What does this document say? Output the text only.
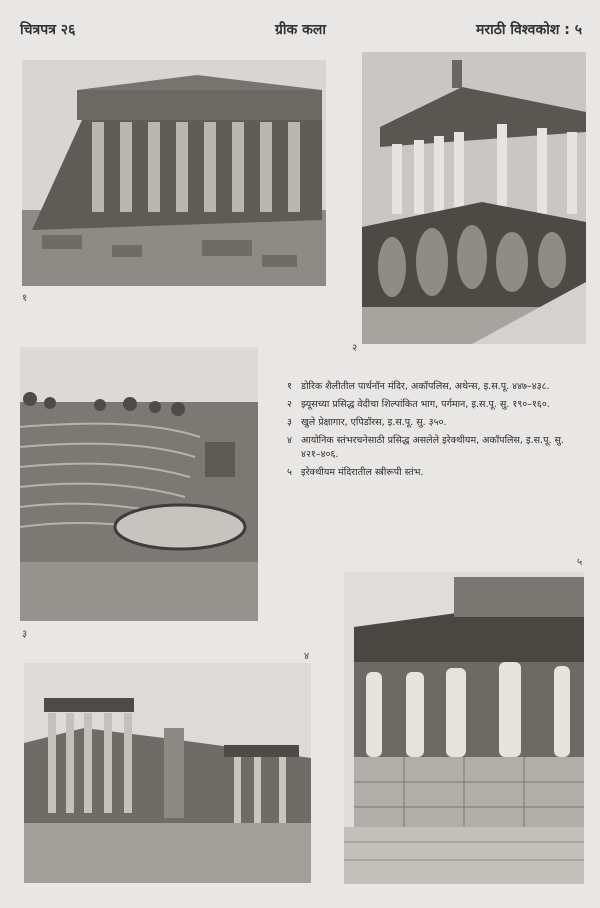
चित्रपत्र २६	ग्रीक कला	मराठी विश्वकोश : ५
१
२
३
४
१ डोरिक शैलीतील पार्थनॉन मंदिर, अकॉपलिस, अथेन्स, इ.स.पू. ४४७–४३८.
२ झ्यूसच्या प्रसिद्ध वेदीचा शिल्पांकित भाग, पर्गमान, इ.स.पू. सु. १९०–१६०.
३ खुले प्रेक्षागार, एपिडॉरस, इ.स.पू. सु. ३५०.
४ आयोनिक स्तंभरचनेसाठी प्रसिद्ध असलेले इरेक्थीयम, अकॉपलिस, इ.स.पू. सु. ४२१–४०६.
५ इरेक्थीयम मंदिरातील स्त्रीरूपी स्तंभ.
५
